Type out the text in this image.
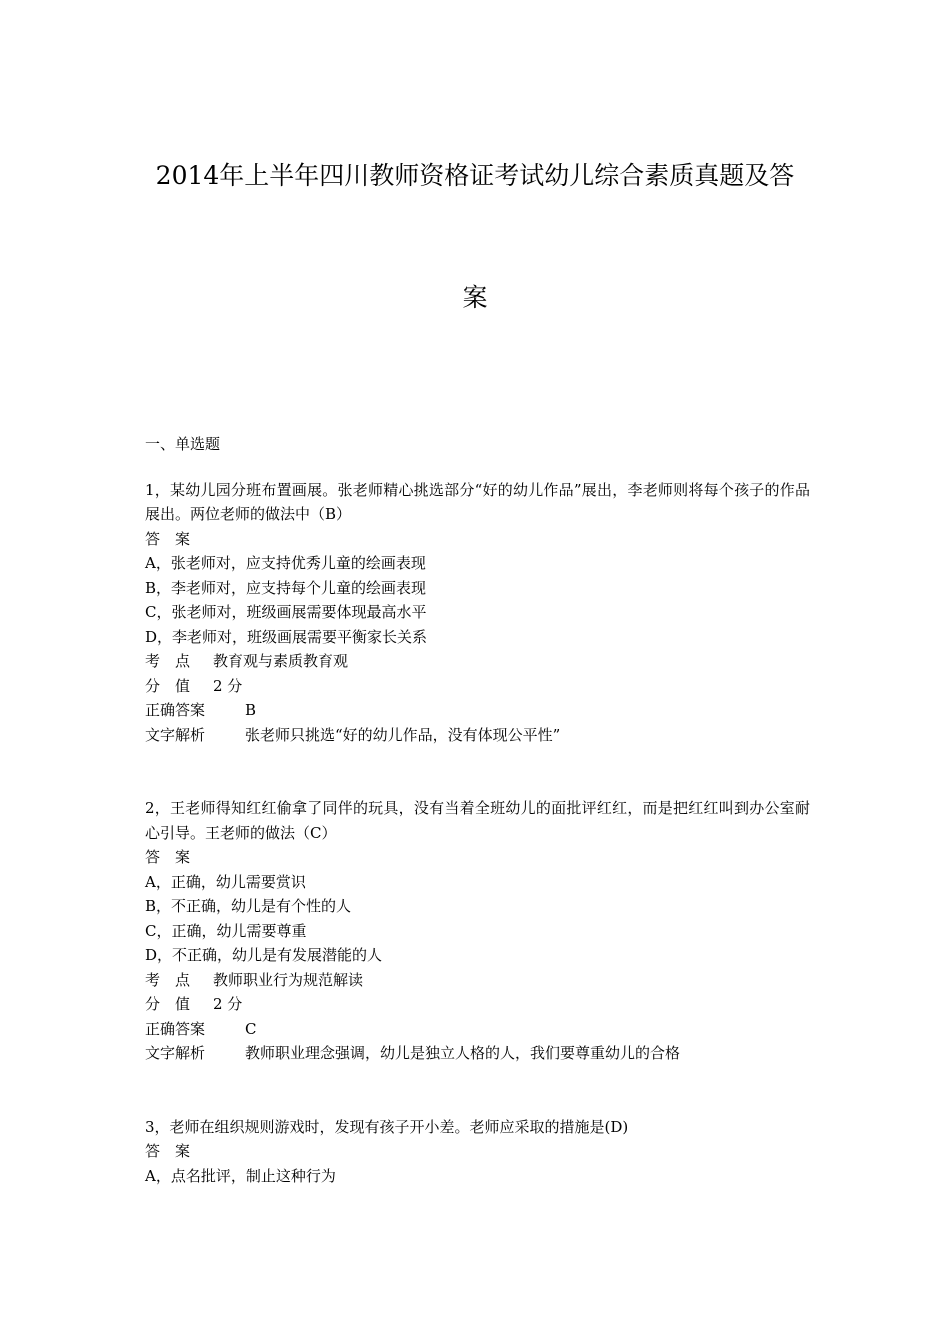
2014年上半年四川教师资格证考试幼儿综合素质真题及答
案
一、单选题
1，某幼儿园分班布置画展。张老师精心挑选部分“好的幼儿作品”展出，李老师则将每个孩子的作品展出。两位老师的做法中（B）
答案
A，张老师对，应支持优秀儿童的绘画表现
B，李老师对，应支持每个儿童的绘画表现
C，张老师对，班级画展需要体现最高水平
D，李老师对，班级画展需要平衡家长关系
考点 教育观与素质教育观
分值 2 分
正确答案	B
文字解析	张老师只挑选“好的幼儿作品，没有体现公平性”
2，王老师得知红红偷拿了同伴的玩具，没有当着全班幼儿的面批评红红，而是把红红叫到办公室耐心引导。王老师的做法（C）
答案
A，正确，幼儿需要赏识
B，不正确，幼儿是有个性的人
C，正确，幼儿需要尊重
D，不正确，幼儿是有发展潜能的人
考点 教师职业行为规范解读
分值 2 分
正确答案	C
文字解析	教师职业理念强调，幼儿是独立人格的人，我们要尊重幼儿的合格
3，老师在组织规则游戏时，发现有孩子开小差。老师应采取的措施是(D)
答案
A，点名批评，制止这种行为
